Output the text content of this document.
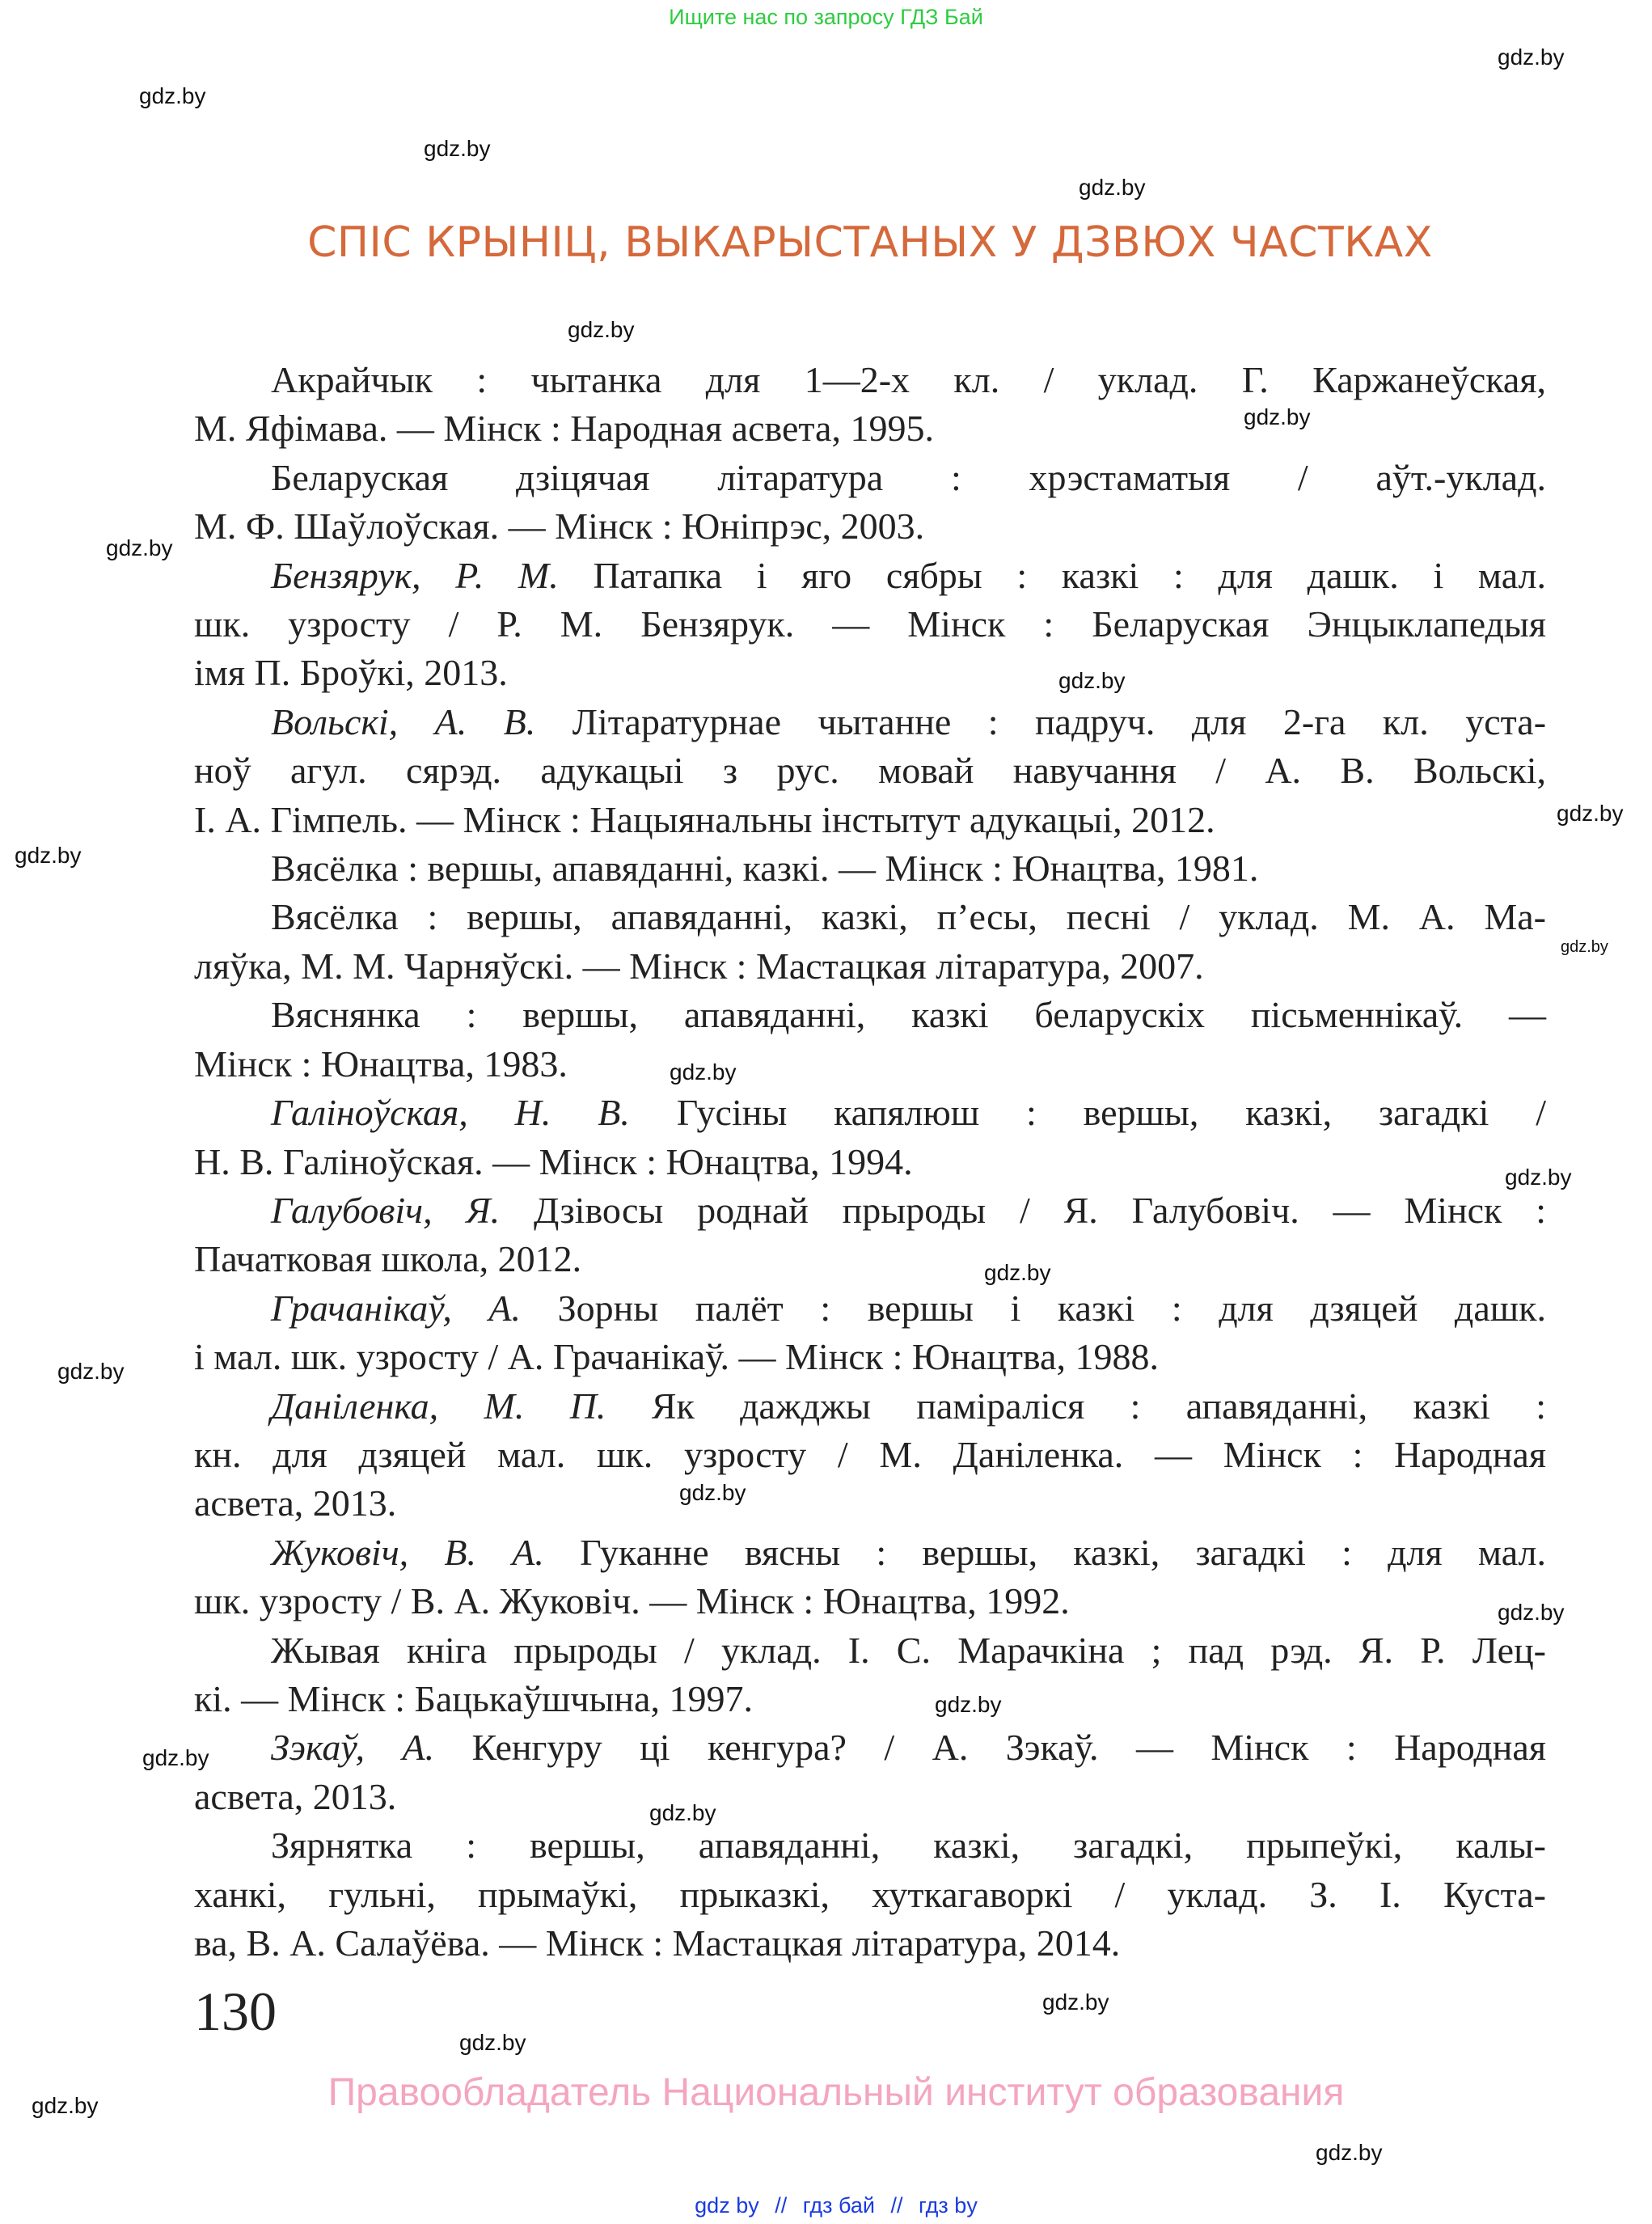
Ищите нас по запросу ГДЗ Бай
СПІС КРЫНІЦ, ВЫКАРЫСТАНЫХ У ДЗВЮХ ЧАСТКАХ
Акрайчык : чытанка для 1—2-х кл. / уклад. Г. Каржанеўская,
М. Яфімава. — Мінск : Народная асвета, 1995.
Беларуская дзіцячая літаратура : хрэстаматыя / аўт.-уклад.
М. Ф. Шаўлоўская. — Мінск : Юніпрэс, 2003.
Бензярук, Р. М. Патапка і яго сябры : казкі : для дашк. і мал.
шк. узросту / Р. М. Бензярук. — Мінск : Беларуская Энцыклапедыя
імя П. Броўкі, 2013.
Вольскі, А. В. Літаратурнае чытанне : падруч. для 2-га кл. уста-
ноў агул. сярэд. адукацыі з рус. мовай навучання / А. В. Вольскі,
І. А. Гімпель. — Мінск : Нацыянальны інстытут адукацыі, 2012.
Вясёлка : вершы, апавяданні, казкі. — Мінск : Юнацтва, 1981.
Вясёлка : вершы, апавяданні, казкі, п’есы, песні / уклад. М. А. Ма-
ляўка, М. М. Чарняўскі. — Мінск : Мастацкая літаратура, 2007.
Вяснянка : вершы, апавяданні, казкі беларускіх пісьменнікаў. —
Мінск : Юнацтва, 1983.
Галіноўская, Н. В. Гусіны капялюш : вершы, казкі, загадкі /
Н. В. Галіноўская. — Мінск : Юнацтва, 1994.
Галубовіч, Я. Дзівосы роднай прыроды / Я. Галубовіч. — Мінск :
Пачатковая школа, 2012.
Грачанікаў, А. Зорны палёт : вершы і казкі : для дзяцей дашк.
і мал. шк. узросту / А. Грачанікаў. — Мінск : Юнацтва, 1988.
Даніленка, М. П. Як дажджы паміраліся : апавяданні, казкі :
кн. для дзяцей мал. шк. узросту / М. Даніленка. — Мінск : Народная
асвета, 2013.
Жуковіч, В. А. Гуканне вясны : вершы, казкі, загадкі : для мал.
шк. узросту / В. А. Жуковіч. — Мінск : Юнацтва, 1992.
Жывая кніга прыроды / уклад. І. С. Марачкіна ; пад рэд. Я. Р. Лец-
кі. — Мінск : Бацькаўшчына, 1997.
Зэкаў, А. Кенгуру ці кенгура? / А. Зэкаў. — Мінск : Народная
асвета, 2013.
Зярнятка : вершы, апавяданні, казкі, загадкі, прыпеўкі, калы-
ханкі, гульні, прымаўкі, прыказкі, хуткагаворкі / уклад. З. І. Куста-
ва, В. А. Салаўёва. — Мінск : Мастацкая літаратура, 2014.
130
Правообладатель Национальный институт образования
gdz by // гдз бай // гдз by
gdz.by
gdz.by
gdz.by
gdz.by
gdz.by
gdz.by
gdz.by
gdz.by
gdz.by
gdz.by
gdz.by
gdz.by
gdz.by
gdz.by
gdz.by
gdz.by
gdz.by
gdz.by
gdz.by
gdz.by
gdz.by
gdz.by
gdz.by
gdz.by
